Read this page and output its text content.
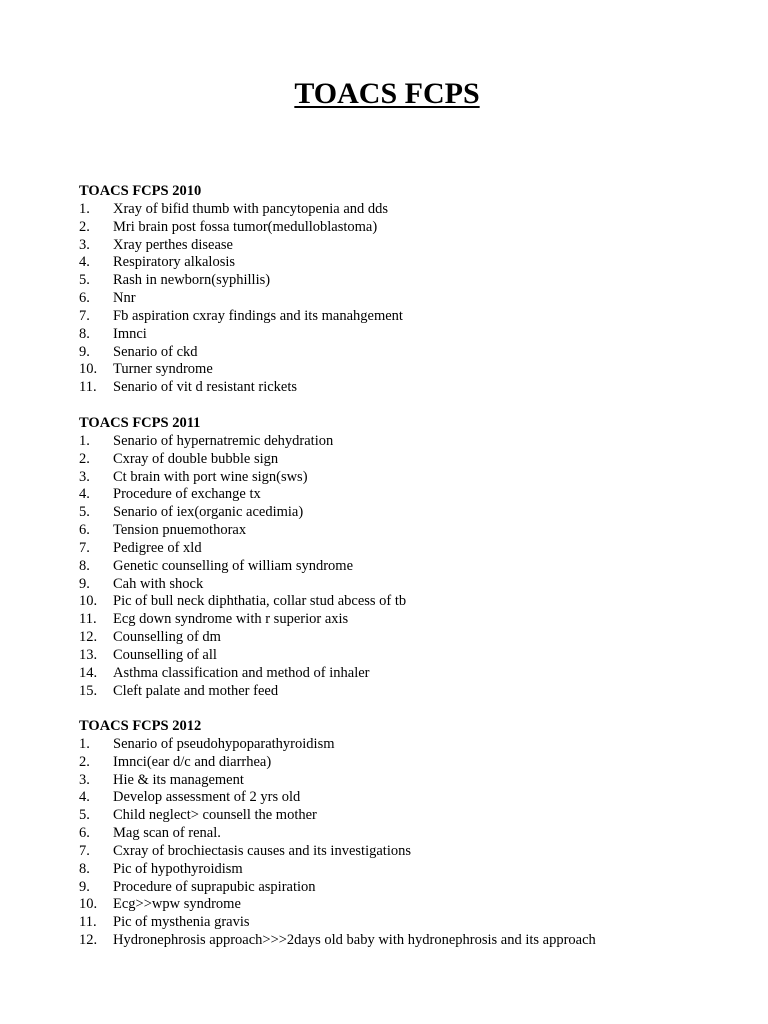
TOACS FCPS
TOACS FCPS 2010
1.	Xray of bifid thumb with pancytopenia and dds
2.	Mri brain post fossa tumor(medulloblastoma)
3.	Xray perthes disease
4.	Respiratory alkalosis
5.	Rash in newborn(syphillis)
6.	Nnr
7.	Fb aspiration cxray findings and its manahgement
8.	Imnci
9.	Senario of ckd
10.	Turner syndrome
11.	Senario of vit d resistant rickets
TOACS FCPS 2011
1.	Senario of hypernatremic dehydration
2.	Cxray of double bubble sign
3.	Ct brain with port wine sign(sws)
4.	Procedure of exchange tx
5.	Senario of iex(organic acedimia)
6.	Tension pnuemothorax
7.	Pedigree of xld
8.	Genetic counselling of william syndrome
9.	Cah with shock
10.	Pic of bull neck diphthatia, collar stud abcess of tb
11.	Ecg down syndrome with r superior axis
12.	Counselling of dm
13.	Counselling of all
14.	Asthma classification and method of inhaler
15.	Cleft palate and mother feed
TOACS FCPS 2012
1.	Senario of pseudohypoparathyroidism
2.	Imnci(ear d/c and diarrhea)
3.	Hie & its management
4.	Develop assessment of 2 yrs old
5.	Child neglect> counsell the mother
6.	Mag scan of renal.
7.	Cxray of brochiectasis causes and its investigations
8.	Pic of hypothyroidism
9.	Procedure of suprapubic aspiration
10.	Ecg>>wpw syndrome
11.	Pic of mysthenia gravis
12.	Hydronephrosis approach>>>2days old baby with hydronephrosis and its approach
